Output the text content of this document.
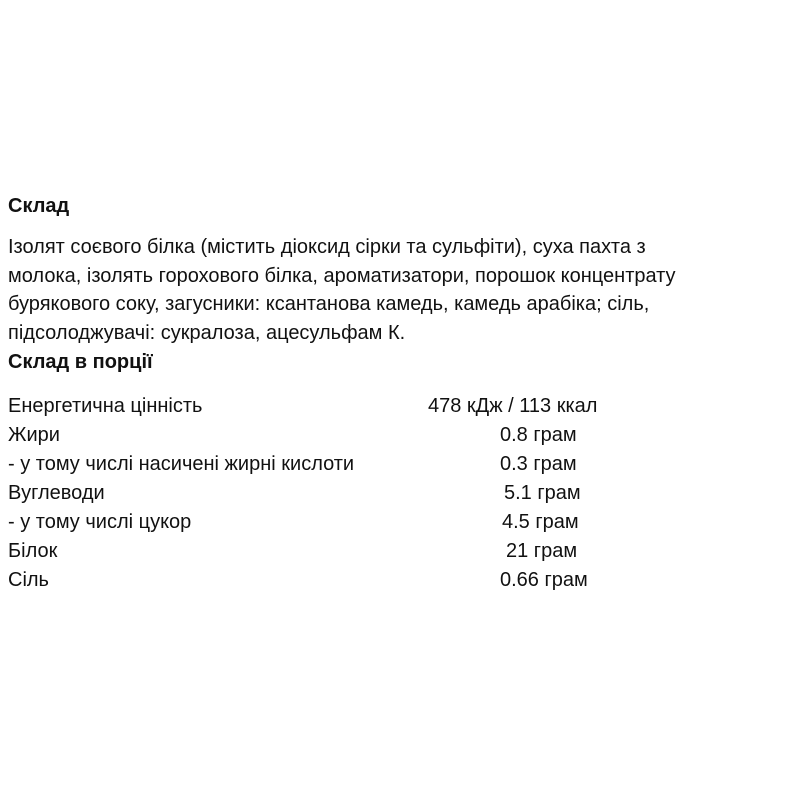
Склад

Ізолят соєвого білка (містить діоксид сірки та сульфіти), суха пахта з
молока, ізолять горохового білка, ароматизатори, порошок концентрату
бурякового соку, загусники: ксантанова камедь, камедь арабіка; сіль,
підсолоджувачі: сукралоза, ацесульфам К.

Склад в порції
Енергетична цінність	478 кДж / 113 ккал
Жири	0.8 грам
- у тому числі насичені жирні кислоти	0.3 грам
Вуглеводи	5.1 грам
- у тому числі цукор	4.5 грам
Білок	21 грам
Сіль	0.66 грам
